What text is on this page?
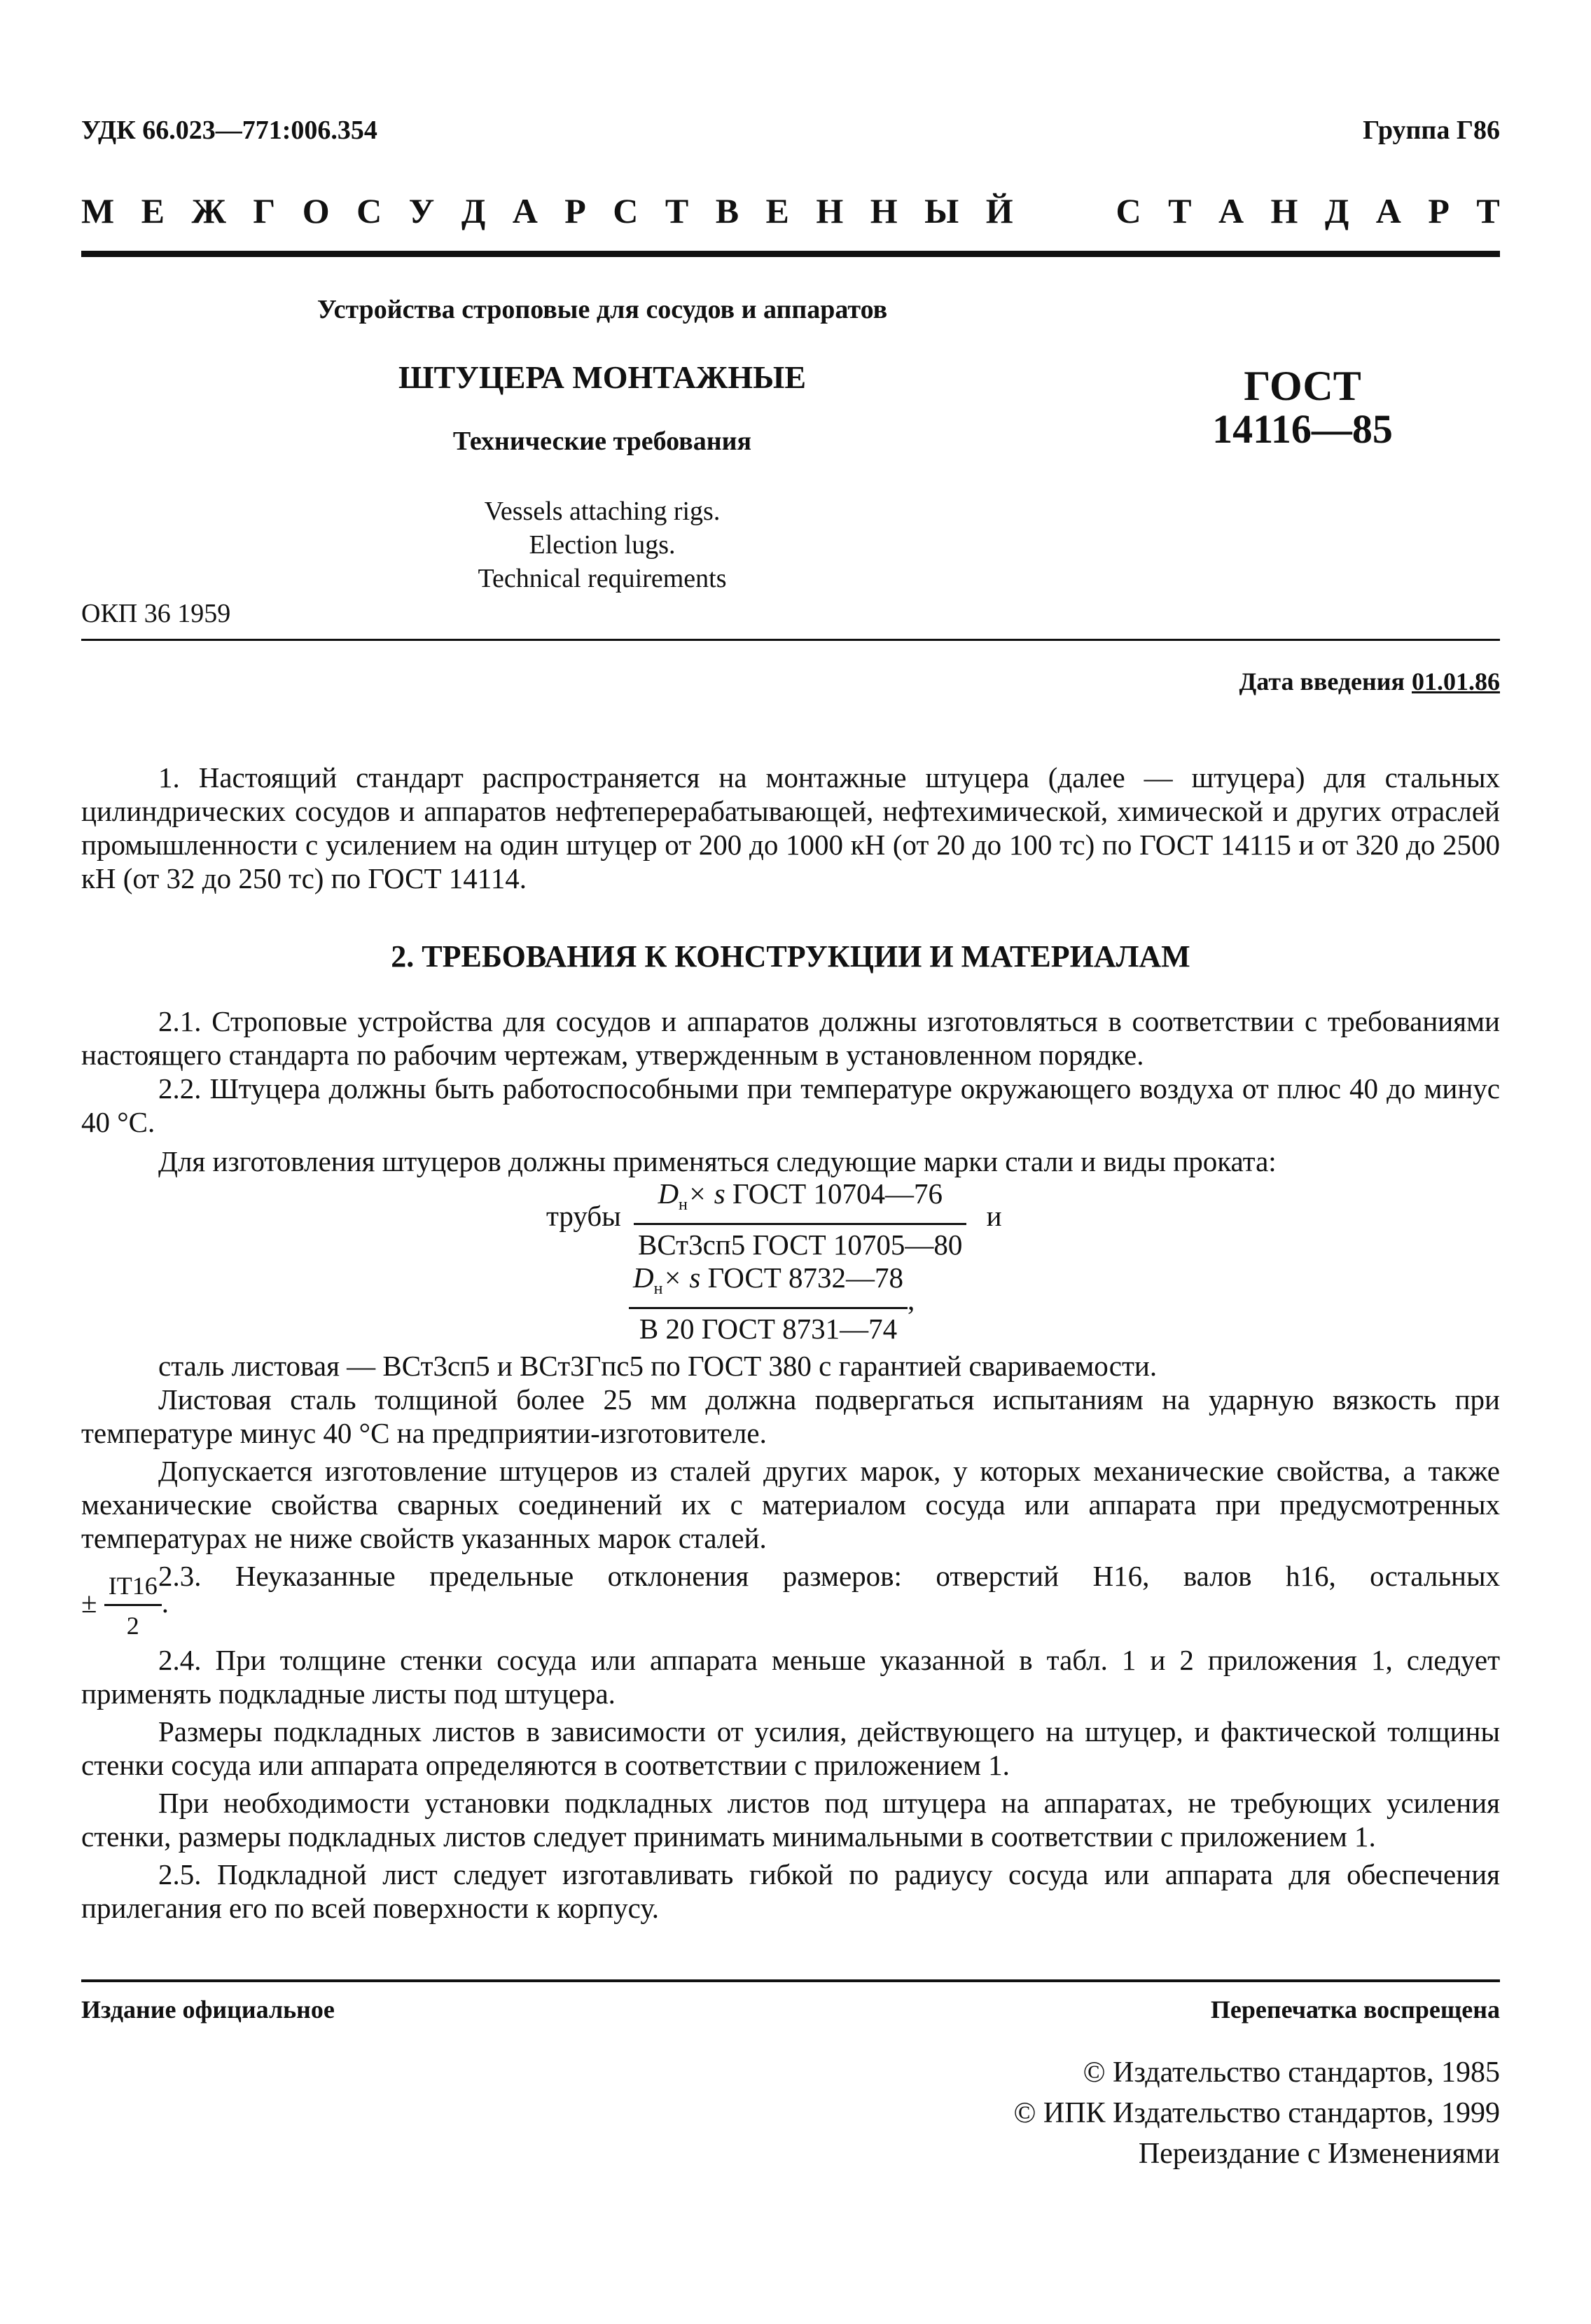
УДК 66.023—771:006.354	Группа Г86
М Е Ж Г О С У Д А Р С Т В Е Н Н Ы Й	С Т А Н Д А Р Т
Устройства строповые для сосудов и аппаратов
ШТУЦЕРА МОНТАЖНЫЕ
Технические требования
ГОСТ
14116—85
Vessels attaching rigs.
Election lugs.
Technical requirements
ОКП 36 1959
Дата введения 01.01.86

1. Настоящий стандарт распространяется на монтажные штуцера (далее — штуцера) для стальных цилиндрических сосудов и аппаратов нефтеперерабатывающей, нефтехимической, химической и других отраслей промышленности с усилением на один штуцер от 200 до 1000 кН (от 20 до 100 тс) по ГОСТ 14115 и от 320 до 2500 кН (от 32 до 250 тс) по ГОСТ 14114.

2. ТРЕБОВАНИЯ К КОНСТРУКЦИИ И МАТЕРИАЛАМ

2.1. Строповые устройства для сосудов и аппаратов должны изготовляться в соответствии с требованиями настоящего стандарта по рабочим чертежам, утвержденным в установленном порядке.

2.2. Штуцера должны быть работоспособными при температуре окружающего воздуха от плюс 40 до минус 40 °С.

Для изготовления штуцеров должны применяться следующие марки стали и виды проката:

трубы $\frac{D_н\times s ГОСТ 10704—76}{\text{ВСт3сп5 ГОСТ 10705—80}}$ и
$\frac{D_н\times s ГОСТ 8732—78}{\text{В 20 ГОСТ 8731—74}}$ ,

сталь листовая — ВСт3сп5 и ВСт3Гпс5 по ГОСТ 380 с гарантией свариваемости.

Листовая сталь толщиной более 25 мм должна подвергаться испытаниям на ударную вязкость при температуре минус 40 °С на предприятии-изготовителе.

Допускается изготовление штуцеров из сталей других марок, у которых механические свойства, а также механические свойства сварных соединений их с материалом сосуда или аппарата при предусмотренных температурах не ниже свойств указанных марок сталей.

2.3. Неуказанные предельные отклонения размеров: отверстий Н16, валов h16, остальных

± $\frac{IT16}{2}$ .

2.4. При толщине стенки сосуда или аппарата меньше указанной в табл. 1 и 2 приложения 1, следует применять подкладные листы под штуцера.

Размеры подкладных листов в зависимости от усилия, действующего на штуцер, и фактической толщины стенки сосуда или аппарата определяются в соответствии с приложением 1.

При необходимости установки подкладных листов под штуцера на аппаратах, не требующих усиления стенки, размеры подкладных листов следует принимать минимальными в соответствии с приложением 1.

2.5. Подкладной лист следует изготавливать гибкой по радиусу сосуда или аппарата для обеспечения прилегания его по всей поверхности к корпусу.

Издание официальное	Перепечатка воспрещена
© Издательство стандартов, 1985
© ИПК Издательство стандартов, 1999
Переиздание с Изменениями
